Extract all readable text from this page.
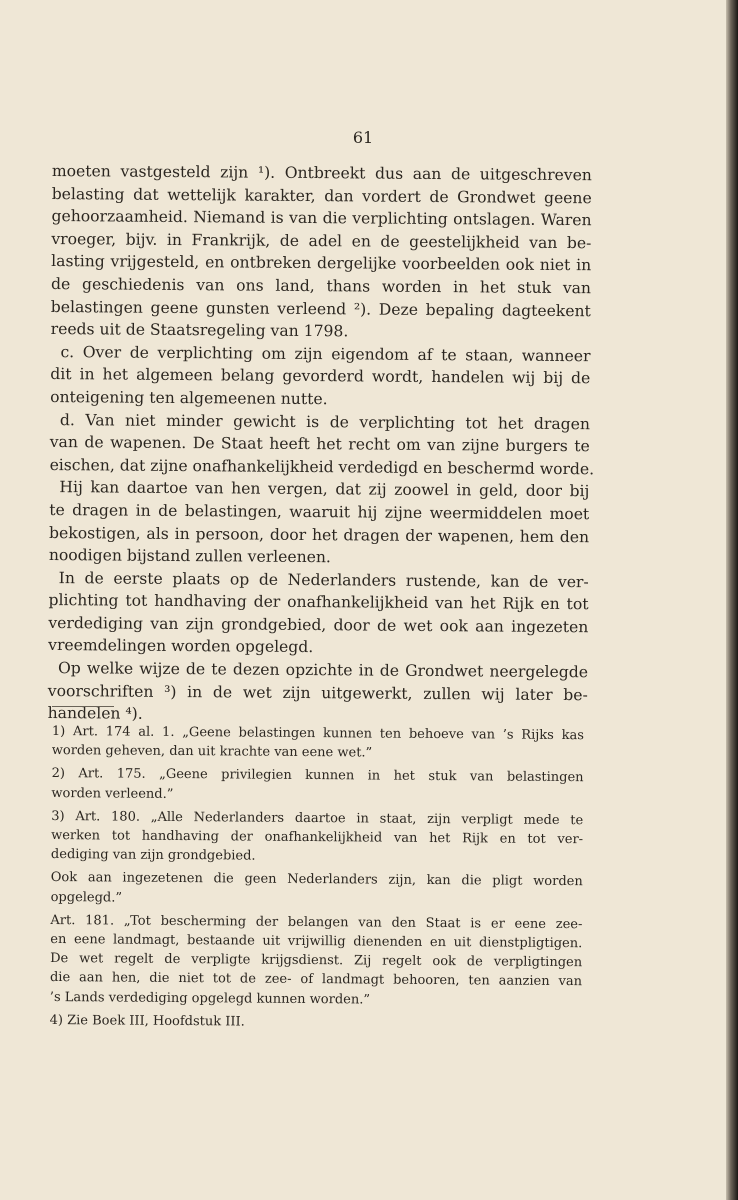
61
moeten vastgesteld zijn ¹). Ontbreekt dus aan de uitgeschreven
belasting dat wettelijk karakter, dan vordert de Grondwet geene
gehoorzaamheid. Niemand is van die verplichting ontslagen. Waren
vroeger, bijv. in Frankrijk, de adel en de geestelijkheid van be-
lasting vrijgesteld, en ontbreken dergelijke voorbeelden ook niet in
de geschiedenis van ons land, thans worden in het stuk van
belastingen geene gunsten verleend ²). Deze bepaling dagteekent
reeds uit de Staatsregeling van 1798.
c. Over de verplichting om zijn eigendom af te staan, wanneer
dit in het algemeen belang gevorderd wordt, handelen wij bij de
onteigening ten algemeenen nutte.
d. Van niet minder gewicht is de verplichting tot het dragen
van de wapenen. De Staat heeft het recht om van zijne burgers te
eischen, dat zijne onafhankelijkheid verdedigd en beschermd worde.
Hij kan daartoe van hen vergen, dat zij zoowel in geld, door bij
te dragen in de belastingen, waaruit hij zijne weermiddelen moet
bekostigen, als in persoon, door het dragen der wapenen, hem den
noodigen bijstand zullen verleenen.
In de eerste plaats op de Nederlanders rustende, kan de ver-
plichting tot handhaving der onafhankelijkheid van het Rijk en tot
verdediging van zijn grondgebied, door de wet ook aan ingezeten
vreemdelingen worden opgelegd.
Op welke wijze de te dezen opzichte in de Grondwet neergelegde
voorschriften ³) in de wet zijn uitgewerkt, zullen wij later be-
handelen ⁴).
1) Art. 174 al. 1. „Geene belastingen kunnen ten behoeve van ’s Rijks kas
worden geheven, dan uit krachte van eene wet.”
2) Art. 175. „Geene privilegien kunnen in het stuk van belastingen
worden verleend.”
3) Art. 180. „Alle Nederlanders daartoe in staat, zijn verpligt mede te
werken tot handhaving der onafhankelijkheid van het Rijk en tot ver-
dediging van zijn grondgebied.
Ook aan ingezetenen die geen Nederlanders zijn, kan die pligt worden
opgelegd.”
Art. 181. „Tot bescherming der belangen van den Staat is er eene zee-
en eene landmagt, bestaande uit vrijwillig dienenden en uit dienstpligtigen.
De wet regelt de verpligte krijgsdienst. Zij regelt ook de verpligtingen
die aan hen, die niet tot de zee- of landmagt behooren, ten aanzien van
’s Lands verdediging opgelegd kunnen worden.”
4) Zie Boek III, Hoofdstuk III.
